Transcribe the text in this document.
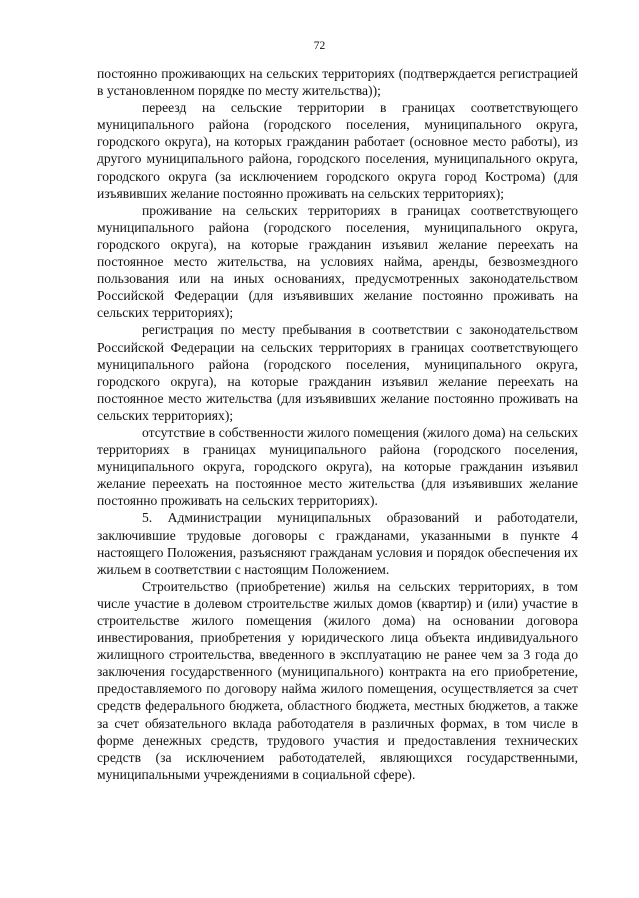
72

постоянно проживающих на сельских территориях (подтверждается регистрацией в установленном порядке по месту жительства));

переезд на сельские территории в границах соответствующего муниципального района (городского поселения, муниципального округа, городского округа), на которых гражданин работает (основное место работы), из другого муниципального района, городского поселения, муниципального округа, городского округа (за исключением городского округа город Кострома) (для изъявивших желание постоянно проживать на сельских территориях);

проживание на сельских территориях в границах соответствующего муниципального района (городского поселения, муниципального округа, городского округа), на которые гражданин изъявил желание переехать на постоянное место жительства, на условиях найма, аренды, безвозмездного пользования или на иных основаниях, предусмотренных законодательством Российской Федерации (для изъявивших желание постоянно проживать на сельских территориях);

регистрация по месту пребывания в соответствии с законодательством Российской Федерации на сельских территориях в границах соответствующего муниципального района (городского поселения, муниципального округа, городского округа), на которые гражданин изъявил желание переехать на постоянное место жительства (для изъявивших желание постоянно проживать на сельских территориях);

отсутствие в собственности жилого помещения (жилого дома) на сельских территориях в границах муниципального района (городского поселения, муниципального округа, городского округа), на которые гражданин изъявил желание переехать на постоянное место жительства (для изъявивших желание постоянно проживать на сельских территориях).

5. Администрации муниципальных образований и работодатели, заключившие трудовые договоры с гражданами, указанными в пункте 4 настоящего Положения, разъясняют гражданам условия и порядок обеспечения их жильем в соответствии с настоящим Положением.

Строительство (приобретение) жилья на сельских территориях, в том числе участие в долевом строительстве жилых домов (квартир) и (или) участие в строительстве жилого помещения (жилого дома) на основании договора инвестирования, приобретения у юридического лица объекта индивидуального жилищного строительства, введенного в эксплуатацию не ранее чем за 3 года до заключения государственного (муниципального) контракта на его приобретение, предоставляемого по договору найма жилого помещения, осуществляется за счет средств федерального бюджета, областного бюджета, местных бюджетов, а также за счет обязательного вклада работодателя в различных формах, в том числе в форме денежных средств, трудового участия и предоставления технических средств (за исключением работодателей, являющихся государственными, муниципальными учреждениями в социальной сфере).
